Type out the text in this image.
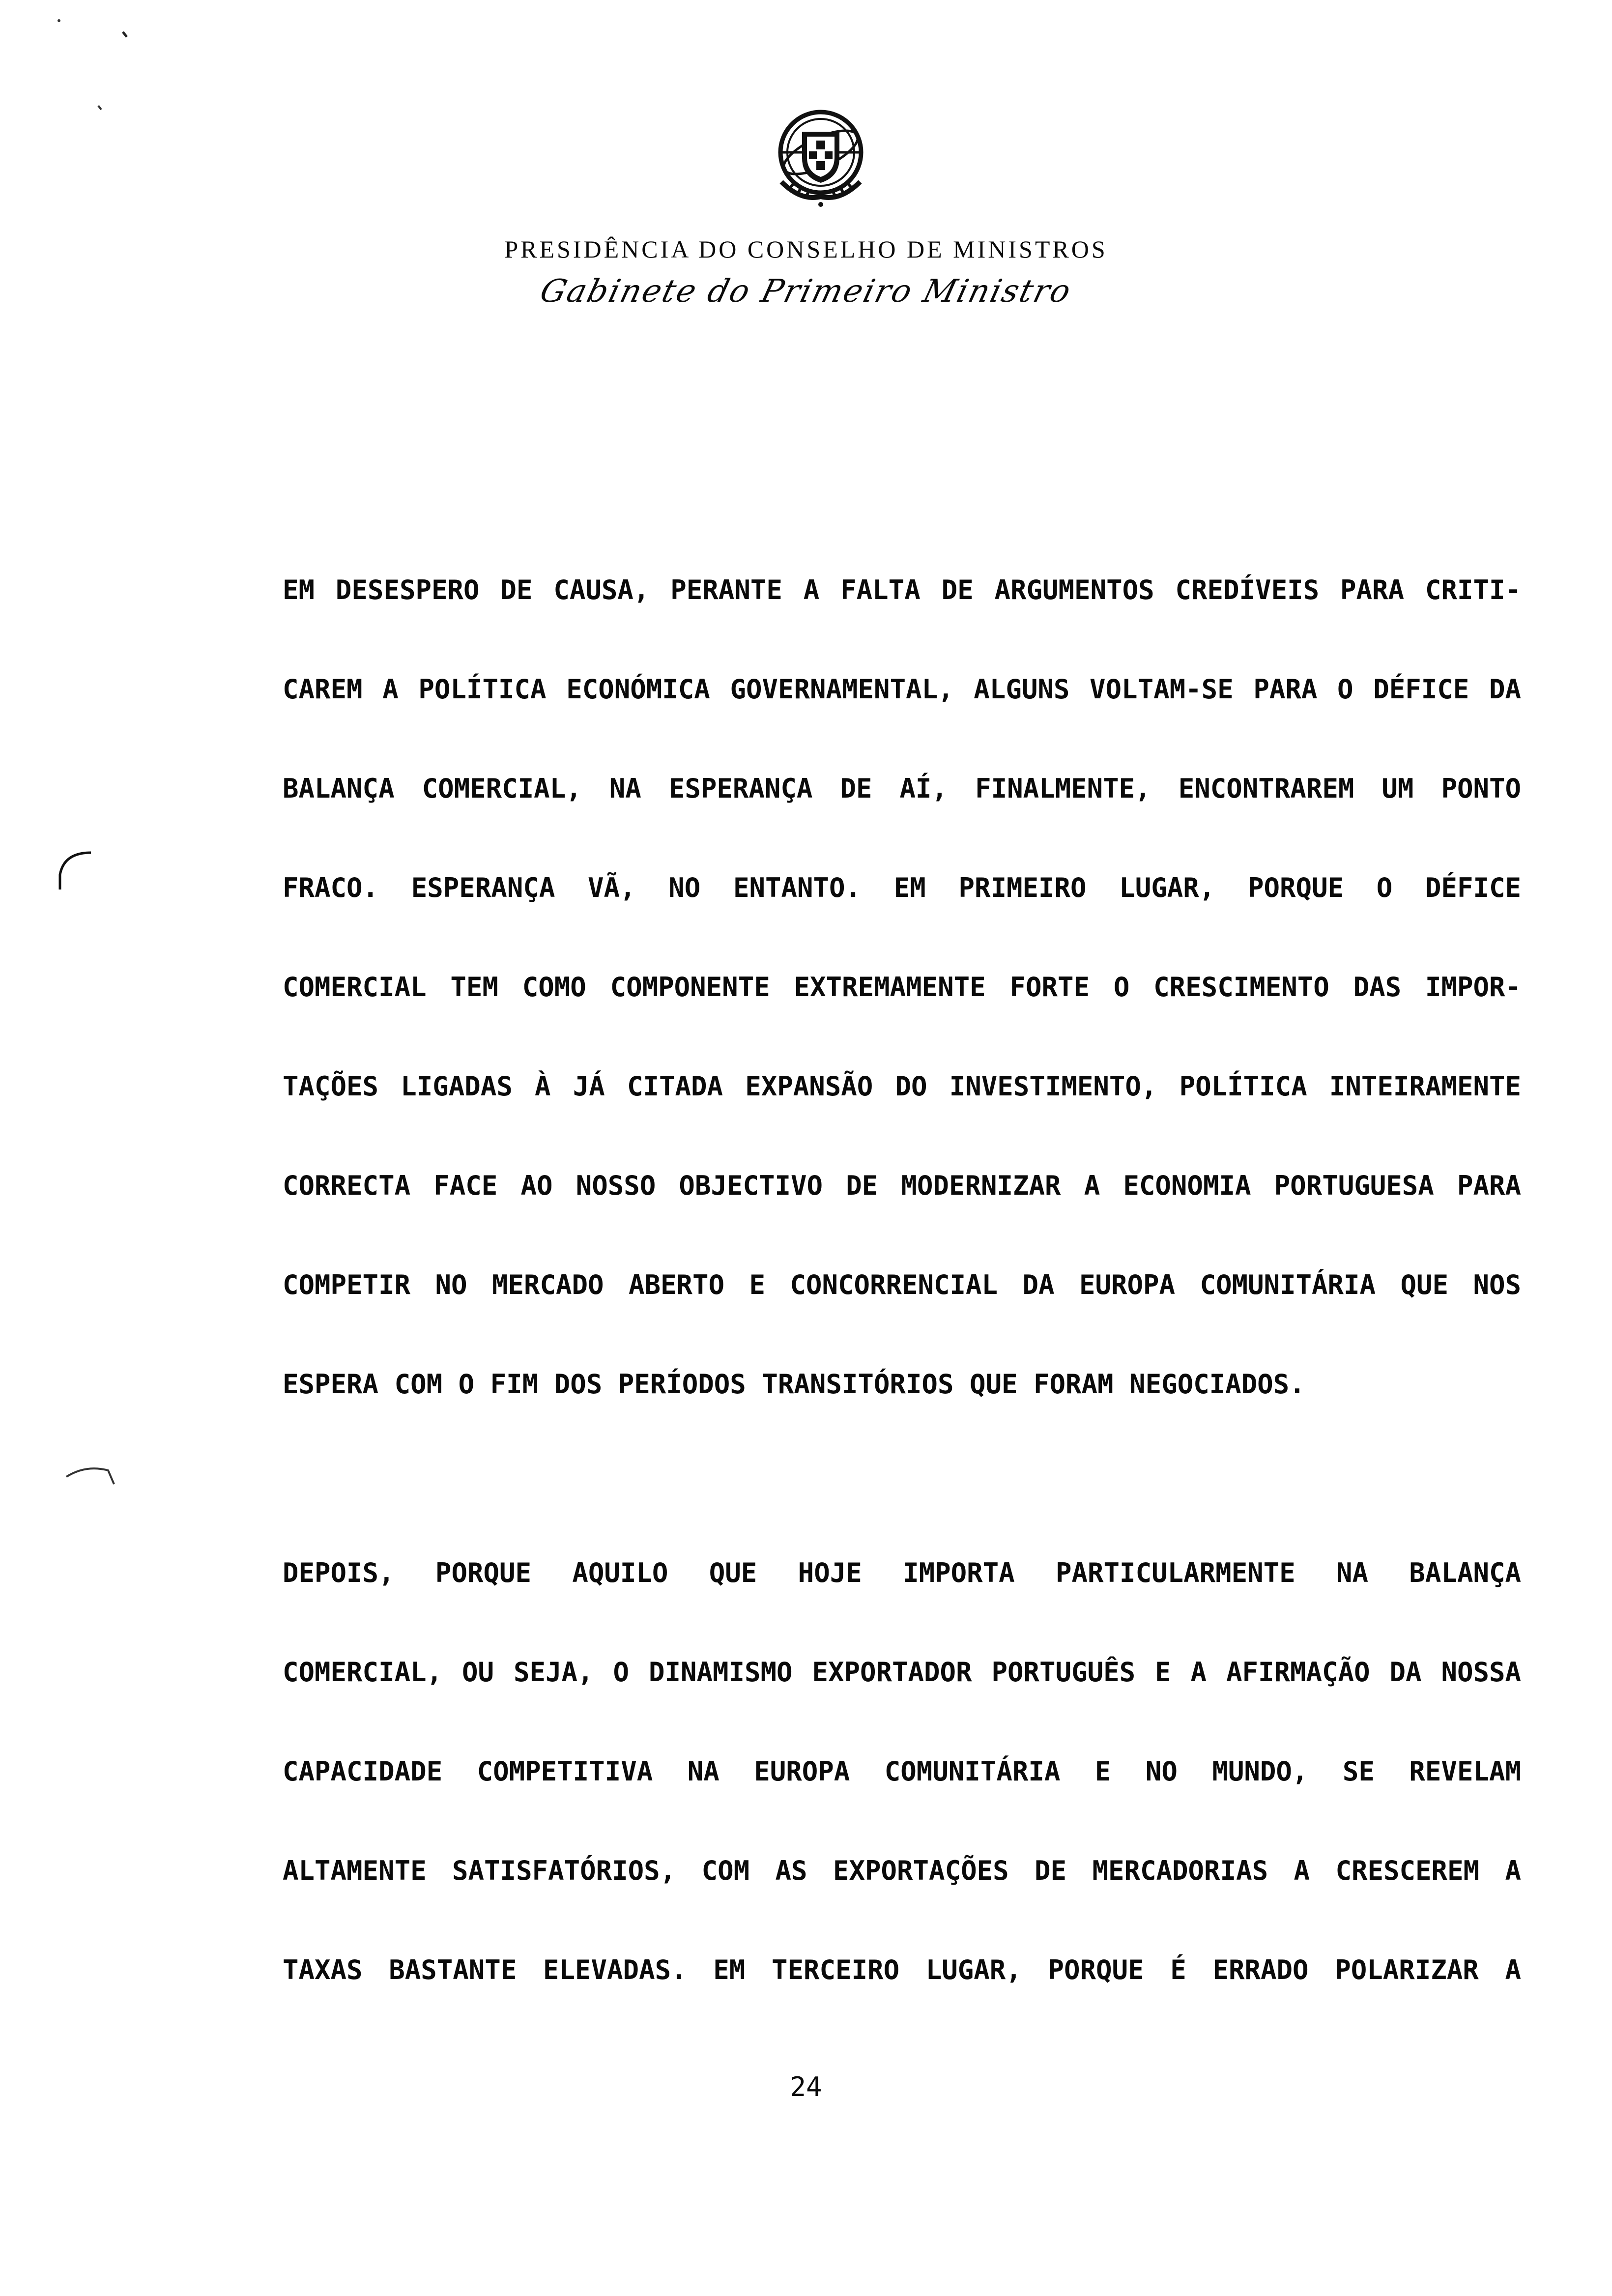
PRESIDÊNCIA DO CONSELHO DE MINISTROS
Gabinete do Primeiro Ministro
EM DESESPERO DE CAUSA, PERANTE A FALTA DE ARGUMENTOS CREDÍVEIS PARA CRITI-
CAREM A POLÍTICA ECONÓMICA GOVERNAMENTAL, ALGUNS VOLTAM-SE PARA O DÉFICE DA
BALANÇA COMERCIAL, NA ESPERANÇA DE AÍ, FINALMENTE, ENCONTRAREM UM PONTO
FRACO. ESPERANÇA VÃ, NO ENTANTO. EM PRIMEIRO LUGAR, PORQUE O DÉFICE
COMERCIAL TEM COMO COMPONENTE EXTREMAMENTE FORTE O CRESCIMENTO DAS IMPOR-
TAÇÕES LIGADAS À JÁ CITADA EXPANSÃO DO INVESTIMENTO, POLÍTICA INTEIRAMENTE
CORRECTA FACE AO NOSSO OBJECTIVO DE MODERNIZAR A ECONOMIA PORTUGUESA PARA
COMPETIR NO MERCADO ABERTO E CONCORRENCIAL DA EUROPA COMUNITÁRIA QUE NOS
ESPERA COM O FIM DOS PERÍODOS TRANSITÓRIOS QUE FORAM NEGOCIADOS.
DEPOIS, PORQUE AQUILO QUE HOJE IMPORTA PARTICULARMENTE NA BALANÇA
COMERCIAL, OU SEJA, O DINAMISMO EXPORTADOR PORTUGUÊS E A AFIRMAÇÃO DA NOSSA
CAPACIDADE COMPETITIVA NA EUROPA COMUNITÁRIA E NO MUNDO, SE REVELAM
ALTAMENTE SATISFATÓRIOS, COM AS EXPORTAÇÕES DE MERCADORIAS A CRESCEREM A
TAXAS BASTANTE ELEVADAS. EM TERCEIRO LUGAR, PORQUE É ERRADO POLARIZAR A
24
